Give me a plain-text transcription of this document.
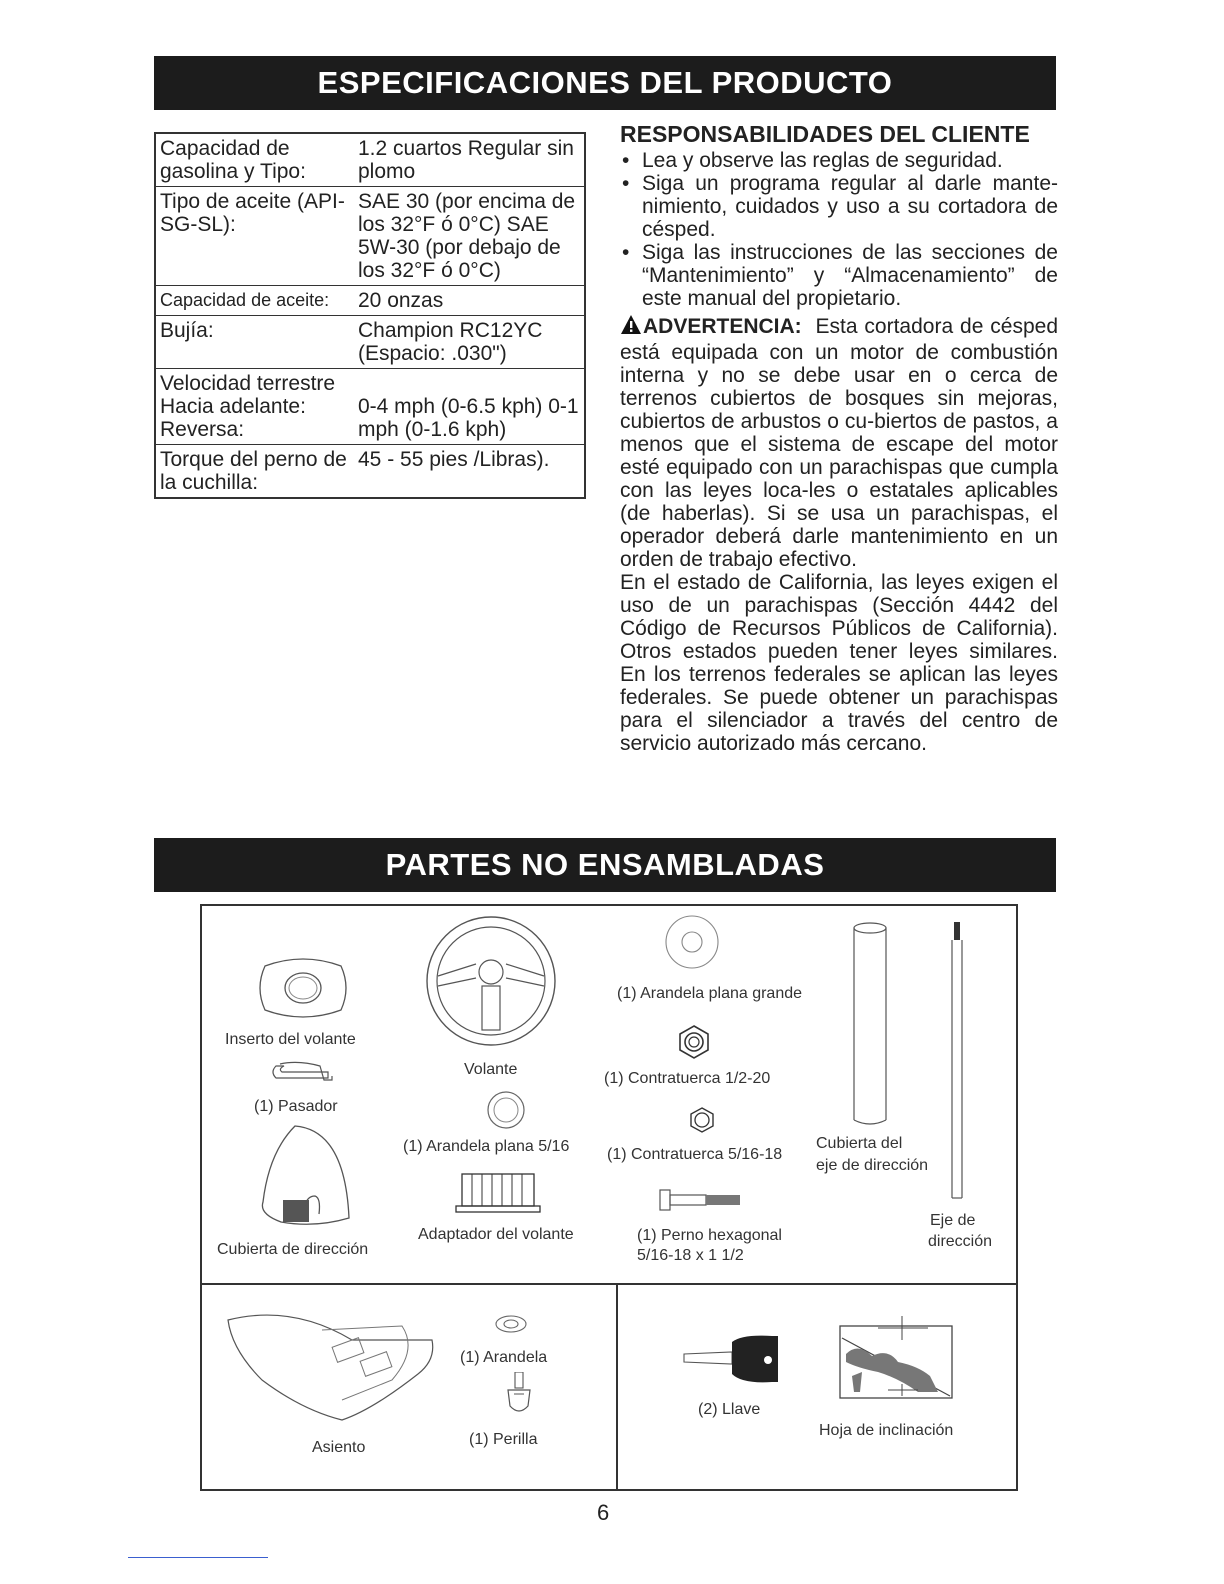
ESPECIFICACIONES DEL PRODUCTO
Capacidad de gasolina y Tipo:	1.2 cuartos Regular sin plomo
Tipo de aceite (API-SG-SL):	SAE 30 (por encima de los 32°F ó 0°C) SAE 5W-30 (por debajo de los 32°F ó 0°C)
Capacidad de aceite:	20 onzas
Bujía:	Champion RC12YC (Espacio: .030")
Velocidad terrestre Hacia adelante: Reversa:	0-4 mph (0-6.5 kph) 0-1 mph (0-1.6 kph)
Torque del perno de la cuchilla:	45 - 55 pies /Libras).
RESPONSABILIDADES DEL CLIENTE
• Lea y observe las reglas de seguridad.
• Siga un programa regular al darle mante-nimiento, cuidados y uso a su cortadora de césped.
• Siga las instrucciones de las secciones de “Mantenimiento” y “Almacenamiento” de este manual del propietario.

ADVERTENCIA: Esta cortadora de césped está equipada con un motor de combustión interna y no se debe usar en o cerca de terrenos cubiertos de bosques sin mejoras, cubiertos de arbustos o cu-biertos de pastos, a menos que el sistema de escape del motor esté equipado con un parachispas que cumpla con las leyes loca-les o estatales aplicables (de haberlas). Si se usa un parachispas, el operador deberá darle mantenimiento en un orden de trabajo efectivo.

En el estado de California, las leyes exigen el uso de un parachispas (Sección 4442 del Código de Recursos Públicos de California). Otros estados pueden tener leyes similares. En los terrenos federales se aplican las leyes federales. Se puede obtener un parachispas para el silenciador a través del centro de servicio autorizado más cercano.

PARTES NO ENSAMBLADAS
Inserto del volante
(1) Pasador
Cubierta de dirección
Volante
(1) Arandela plana 5/16
Adaptador del volante
(1) Arandela plana grande
(1) Contratuerca 1/2-20
(1) Contratuerca 5/16-18
(1) Perno hexagonal
5/16-18 x 1 1/2
Cubierta del
eje de dirección
Eje de
dirección
Asiento
(1) Arandela
(1) Perilla
(2) Llave
Hoja de inclinación
6
